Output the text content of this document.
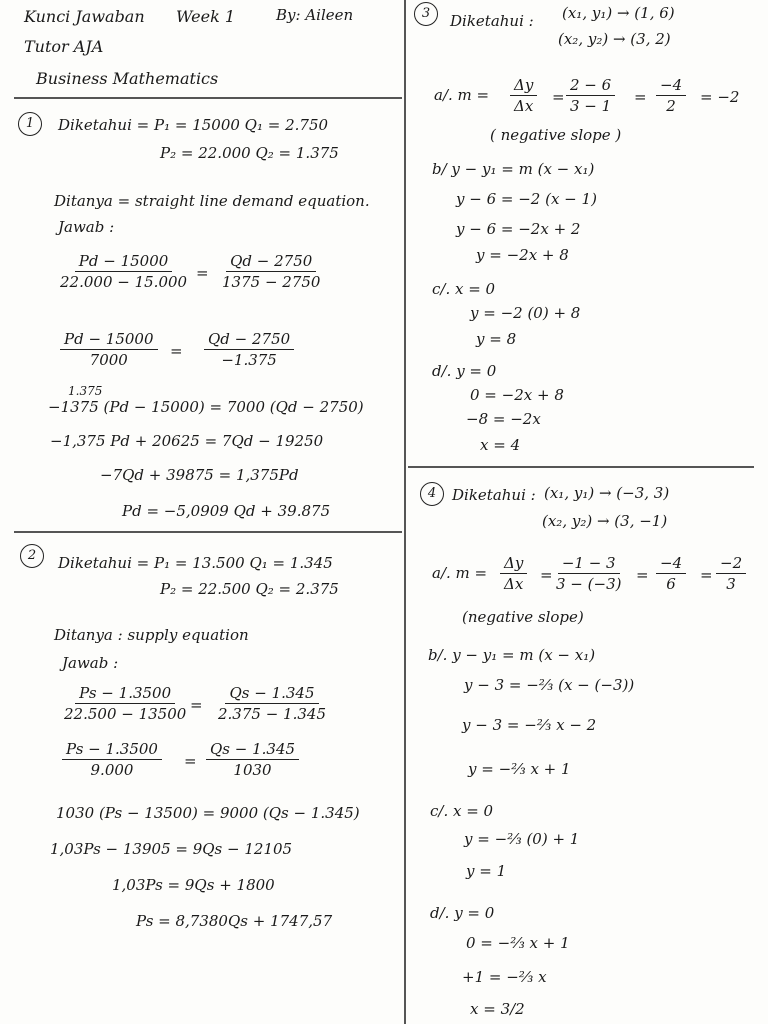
Kunci Jawaban Week 1	By: Aileen
Tutor AJA
Business Mathematics
1	Diketahui = P₁ = 15000 Q₁ = 2.750
P₂ = 22.000 Q₂ = 1.375
Ditanya = straight line demand equation.
Jawab :
$\frac{Pd - 15000}{22.000 - 15.000} = \frac{Qd - 2750}{1375 - 2750}$
$\frac{Pd - 15000}{7000} = \frac{Qd - 2750}{-1.375}$
1.375
−1375 (Pd − 15000) = 7000 (Qd − 2750)
−1,375 Pd + 20625 = 7Qd − 19250
−7Qd + 39875 = 1,375Pd
Pd = −5,0909 Qd + 39.875
2	Diketahui = P₁ = 13.500 Q₁ = 1.345
P₂ = 22.500 Q₂ = 2.375
Ditanya : supply equation
Jawab :
$\frac{Ps - 1.3500}{22.500 - 13500} = \frac{Qs - 1.345}{2.375 - 1.345}$
$\frac{Ps - 1.3500}{9.000} = \frac{Qs - 1.345}{1030}$
1030 (Ps − 13500) = 9000 (Qs − 1.345)
1,03Ps − 13905 = 9Qs − 12105
1,03Ps = 9Qs + 1800
Ps = 8,7380Qs + 1747,57
3	Diketahui : (x₁, y₁) → (1, 6)
(x₂, y₂) → (3, 2)
a/. $m = \frac{\Delta y}{\Delta x} = \frac{2 - 6}{3 - 1} = \frac{-4}{2} = -2$
( negative slope )
b/ y − y₁ = m (x − x₁)
y − 6 = −2 (x − 1)
y − 6 = −2x + 2
y = −2x + 8
c/. x = 0
y = −2 (0) + 8
y = 8
d/. y = 0
0 = −2x + 8
−8 = −2x
x = 4
4	Diketahui : (x₁, y₁) → (−3, 3)
(x₂, y₂) → (3, −1)
a/. $m = \frac{\Delta y}{\Delta x} = \frac{-1 - 3}{3 - (-3)} = \frac{-4}{6} = \frac{-2}{3}$
(negative slope)
b/. y − y₁ = m (x − x₁)
y − 3 = −⅔ (x − (−3))
y − 3 = −⅔ x − 2
y = −⅔ x + 1
c/. x = 0
y = −⅔ (0) + 1
y = 1
d/. y = 0
0 = −⅔ x + 1
+1 = −⅔ x
x = 3/2
